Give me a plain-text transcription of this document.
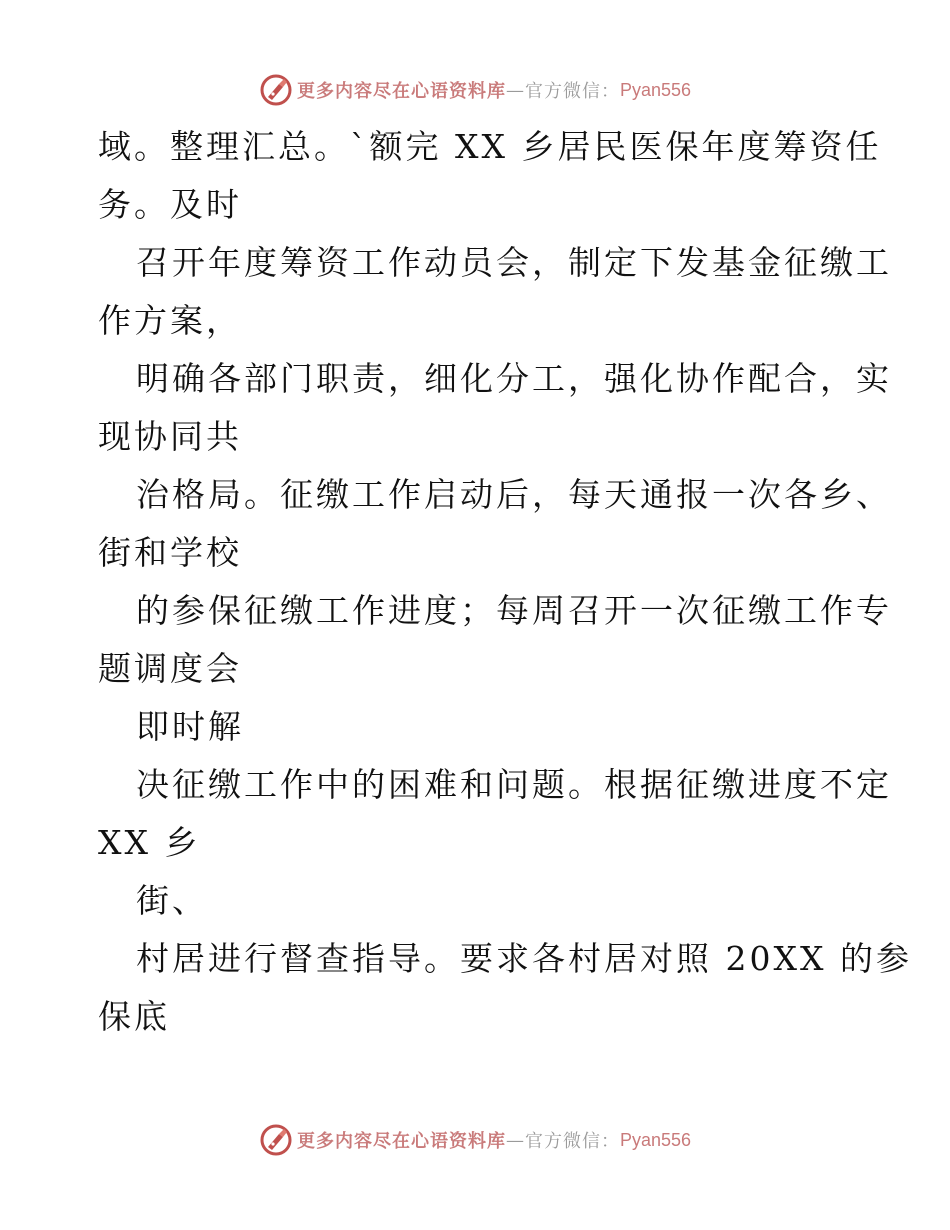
更多内容尽在心语资料库 — 官方微信： Pyan556
域。整理汇总。`额完 XX 乡居民医保年度筹资任
务。及时
召开年度筹资工作动员会，制定下发基金征缴工
作方案，
明确各部门职责，细化分工，强化协作配合，实
现协同共
治格局。征缴工作启动后，每天通报一次各乡、
街和学校
的参保征缴工作进度；每周召开一次征缴工作专
题调度会
即时解
决征缴工作中的困难和问题。根据征缴进度不定
XX 乡
街、
村居进行督查指导。要求各村居对照 20XX 的参
保底
更多内容尽在心语资料库 — 官方微信： Pyan556
